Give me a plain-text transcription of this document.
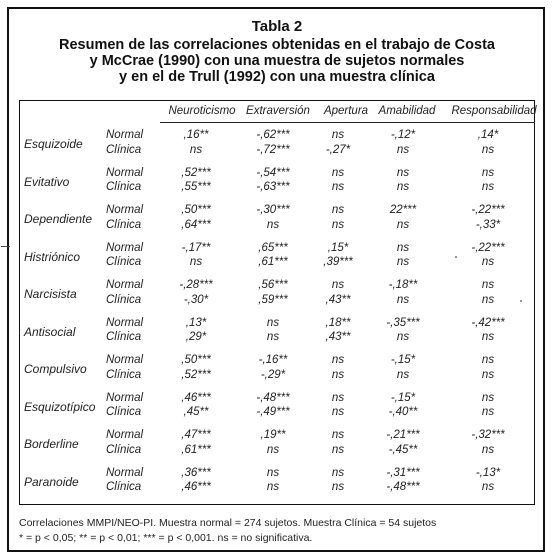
Tabla 2
Resumen de las correlaciones obtenidas en el trabajo de Costa
y McCrae (1990) con una muestra de sujetos normales
y en el de Trull (1992) con una muestra clínica
Neuroticismo Extraversión	Apertura Amabilidad	Responsabilidad
Esquizoide
Normal	,16**	-,62***	ns	-,12*	,14*
Clínica	ns	-,72***	-,27*	ns	ns
Evitativo
Normal	,52***	-,54***	ns	ns	ns
Clínica	,55***	-,63***	ns	ns	ns
Dependiente
Normal	,50***	-,30***	ns	22***	-,22***
Clínica	,64***	ns	ns	ns	-,33*
Histriónico
Normal	-,17**	,65***	,15*	ns	-,22***
Clínica	ns	,61***	,39***	ns	ns
Narcisista
Normal	-,28***	,56***	ns	-,18**	ns
Clínica	-,30*	,59***	,43**	ns	ns
Antisocial
Normal	,13*	ns	,18**	-,35***	-,42***
Clínica	,29*	ns	,43**	ns	ns
Compulsivo
Normal	,50***	-,16**	ns	-,15*	ns
Clínica	,52***	-,29*	ns	ns	ns
Esquizotípico
Normal	,46***	-,48***	ns	-,15*	ns
Clínica	,45**	-,49***	ns	-,40**	ns
Borderline
Normal	,47***	,19**	ns	-,21***	-,32***
Clínica	,61***	ns	ns	-,45**	ns
Paranoide
Normal	,36***	ns	ns	-,31***	-,13*
Clínica	,46***	ns	ns	-,48***	ns
Correlaciones MMPI/NEO-PI. Muestra normal = 274 sujetos. Muestra Clínica = 54 sujetos
* = p < 0,05; ** = p < 0,01; *** = p < 0,001. ns = no significativa.
